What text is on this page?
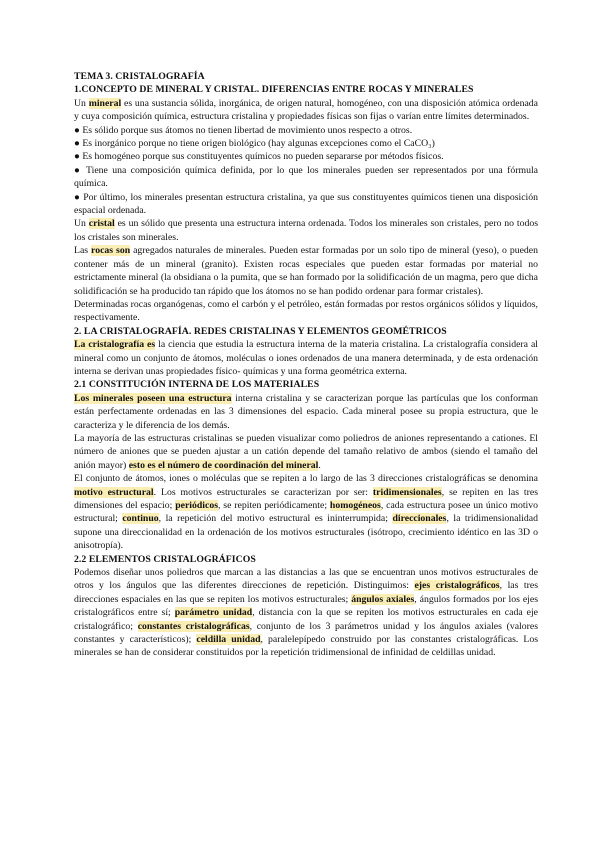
TEMA 3. CRISTALOGRAFÍA

1.CONCEPTO DE MINERAL Y CRISTAL. DIFERENCIAS ENTRE ROCAS Y MINERALES

Un mineral es una sustancia sólida, inorgánica, de origen natural, homogéneo, con una disposición atómica ordenada y cuya composición química, estructura cristalina y propiedades físicas son fijas o varían entre límites determinados.

● Es sólido porque sus átomos no tienen libertad de movimiento unos respecto a otros.

● Es inorgánico porque no tiene origen biológico (hay algunas excepciones como el CaCO₃)

● Es homogéneo porque sus constituyentes químicos no pueden separarse por métodos físicos.

● Tiene una composición química definida, por lo que los minerales pueden ser representados por una fórmula química.

● Por último, los minerales presentan estructura cristalina, ya que sus constituyentes químicos tienen una disposición espacial ordenada.

Un cristal es un sólido que presenta una estructura interna ordenada. Todos los minerales son cristales, pero no todos los cristales son minerales.

Las rocas son agregados naturales de minerales. Pueden estar formadas por un solo tipo de mineral (yeso), o pueden contener más de un mineral (granito). Existen rocas especiales que pueden estar formadas por material no estrictamente mineral (la obsidiana o la pumita, que se han formado por la solidificación de un magma, pero que dicha solidificación se ha producido tan rápido que los átomos no se han podido ordenar para formar cristales).

Determinadas rocas organógenas, como el carbón y el petróleo, están formadas por restos orgánicos sólidos y líquidos, respectivamente.

2. LA CRISTALOGRAFÍA. REDES CRISTALINAS Y ELEMENTOS GEOMÉTRICOS

La cristalografía es la ciencia que estudia la estructura interna de la materia cristalina. La cristalografía considera al mineral como un conjunto de átomos, moléculas o iones ordenados de una manera determinada, y de esta ordenación interna se derivan unas propiedades físico- químicas y una forma geométrica externa.

2.1 CONSTITUCIÓN INTERNA DE LOS MATERIALES

Los minerales poseen una estructura interna cristalina y se caracterizan porque las partículas que los conforman están perfectamente ordenadas en las 3 dimensiones del espacio. Cada mineral posee su propia estructura, que le caracteriza y le diferencia de los demás.

La mayoría de las estructuras cristalinas se pueden visualizar como poliedros de aniones representando a cationes. El número de aniones que se pueden ajustar a un catión depende del tamaño relativo de ambos (siendo el tamaño del anión mayor) esto es el número de coordinación del mineral.

El conjunto de átomos, iones o moléculas que se repiten a lo largo de las 3 direcciones cristalográficas se denomina motivo estructural. Los motivos estructurales se caracterizan por ser: tridimensionales, se repiten en las tres dimensiones del espacio; periódicos, se repiten periódicamente; homogéneos, cada estructura posee un único motivo estructural; continuo, la repetición del motivo estructural es ininterrumpida; direccionales, la tridimensionalidad supone una direccionalidad en la ordenación de los motivos estructurales (isótropo, crecimiento idéntico en las 3D o anisotropía).

2.2 ELEMENTOS CRISTALOGRÁFICOS

Podemos diseñar unos poliedros que marcan a las distancias a las que se encuentran unos motivos estructurales de otros y los ángulos que las diferentes direcciones de repetición. Distinguimos: ejes cristalográficos, las tres direcciones espaciales en las que se repiten los motivos estructurales; ángulos axiales, ángulos formados por los ejes cristalográficos entre sí; parámetro unidad, distancia con la que se repiten los motivos estructurales en cada eje cristalográfico; constantes cristalográficas, conjunto de los 3 parámetros unidad y los ángulos axiales (valores constantes y característicos); celdilla unidad, paralelepípedo construido por las constantes cristalográficas. Los minerales se han de considerar constituidos por la repetición tridimensional de infinidad de celdillas unidad.
